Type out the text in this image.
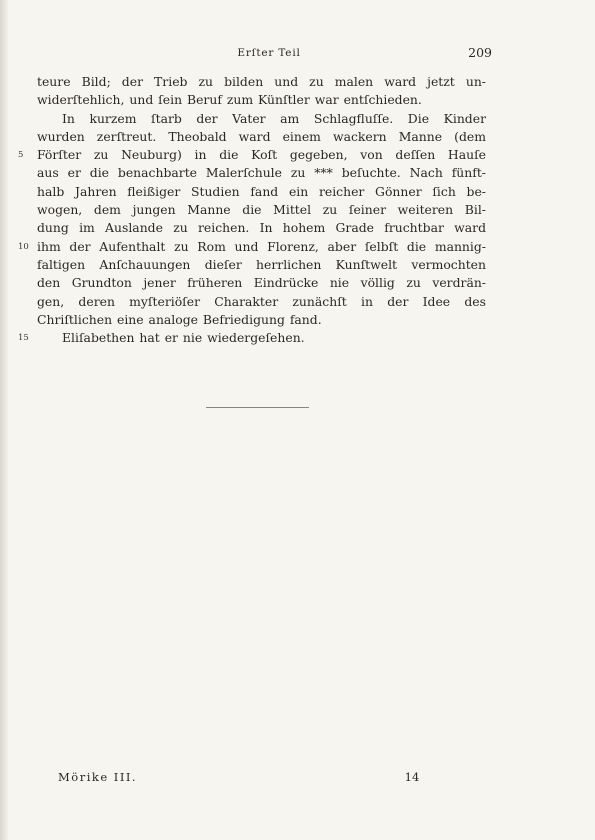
Erſter Teil	209
teure Bild; der Trieb zu bilden und zu malen ward jetzt un-
widerſtehlich, und ſein Beruf zum Künſtler war entſchieden.
In kurzem ſtarb der Vater am Schlagfluſſe. Die Kinder
wurden zerſtreut. Theobald ward einem wackern Manne (dem
5	Förſter zu Neuburg) in die Koſt gegeben, von deſſen Hauſe
aus er die benachbarte Malerſchule zu *** beſuchte. Nach fünft-
halb Jahren fleißiger Studien fand ein reicher Gönner ſich be-
wogen, dem jungen Manne die Mittel zu ſeiner weiteren Bil-
dung im Auslande zu reichen. In hohem Grade fruchtbar ward
10 ihm der Aufenthalt zu Rom und Florenz, aber ſelbſt die mannig-
faltigen Anſchauungen dieſer herrlichen Kunſtwelt vermochten
den Grundton jener früheren Eindrücke nie völlig zu verdrän-
gen, deren myſteriöſer Charakter zunächſt in der Idee des
Chriſtlichen eine analoge Befriedigung fand.
15	Eliſabethen hat er nie wiedergeſehen.
Mörike III.	14
